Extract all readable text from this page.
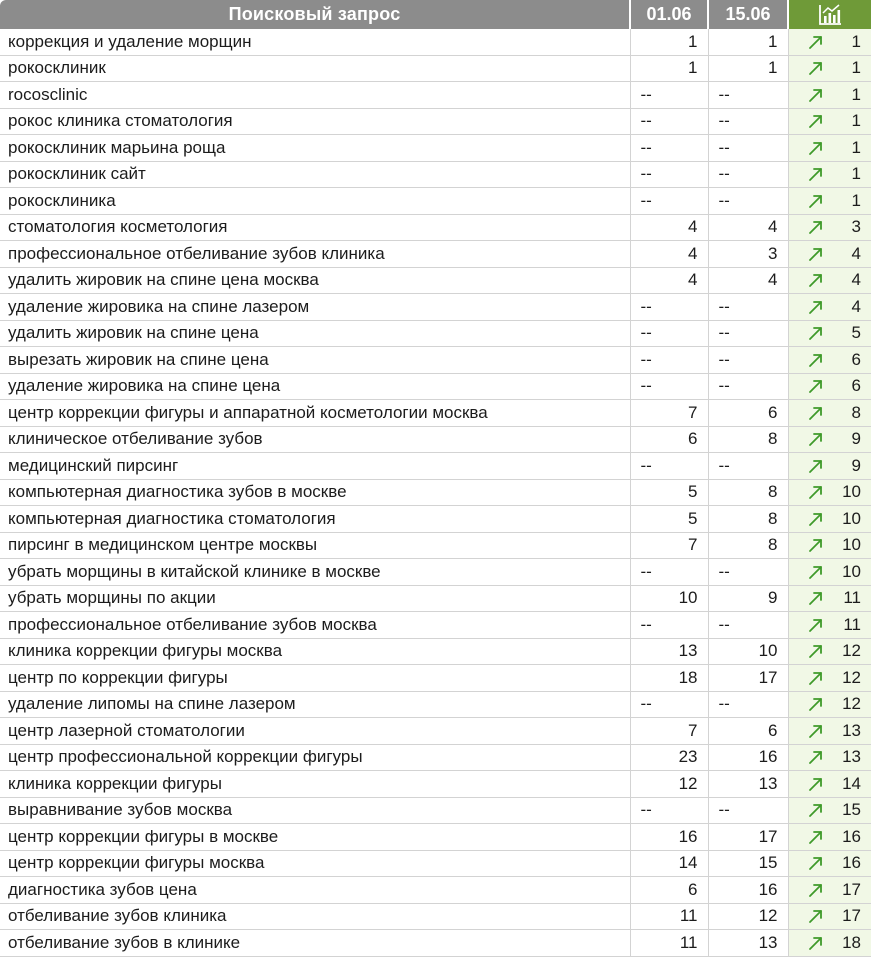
Поисковый запрос	01.06	15.06	

коррекция и удаление морщин	1	1	1

рокосклиник	1	1	1

rocosclinic	--	--	1

рокос клиника стоматология	--	--	1

рокосклиник марьина роща	--	--	1

рокосклиник сайт	--	--	1

рокосклиника	--	--	1

стоматология косметология	4	4	3

профессиональное отбеливание зубов клиника	4	3	4

удалить жировик на спине цена москва	4	4	4

удаление жировика на спине лазером	--	--	4

удалить жировик на спине цена	--	--	5

вырезать жировик на спине цена	--	--	6

удаление жировика на спине цена	--	--	6

центр коррекции фигуры и аппаратной косметологии москва	7	6	8

клиническое отбеливание зубов	6	8	9

медицинский пирсинг	--	--	9

компьютерная диагностика зубов в москве	5	8	10

компьютерная диагностика стоматология	5	8	10

пирсинг в медицинском центре москвы	7	8	10

убрать морщины в китайской клинике в москве	--	--	10

убрать морщины по акции	10	9	11

профессиональное отбеливание зубов москва	--	--	11

клиника коррекции фигуры москва	13	10	12

центр по коррекции фигуры	18	17	12

удаление липомы на спине лазером	--	--	12

центр лазерной стоматологии	7	6	13

центр профессиональной коррекции фигуры	23	16	13

клиника коррекции фигуры	12	13	14

выравнивание зубов москва	--	--	15

центр коррекции фигуры в москве	16	17	16

центр коррекции фигуры москва	14	15	16

диагностика зубов цена	6	16	17

отбеливание зубов клиника	11	12	17

отбеливание зубов в клинике	11	13	18
